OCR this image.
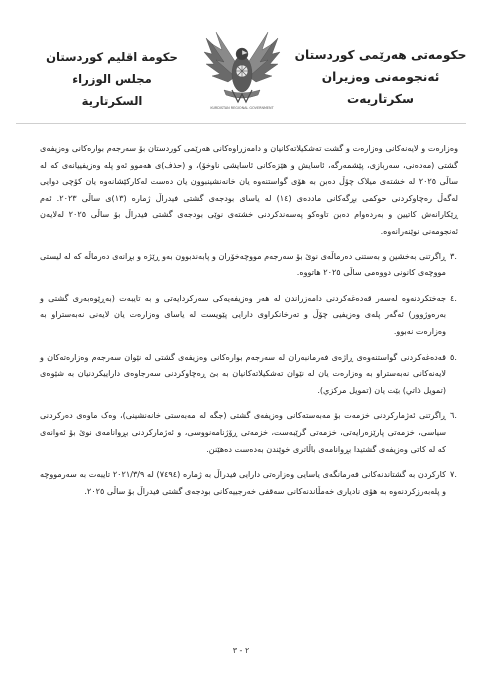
حکومەتی هەرێمی کوردستان
ئەنجومەنی وەزیران
سکرتاریەت
KURDISTAN REGIONAL GOVERNMENT
حكومة اقليم كوردستان
مجلس الوزراء
السكرتارية

وەزارەت و لایەنەکانی وەزارەت و گشت تەشکیلاتەکانیان و دامەزراوەکانی هەرێمی کوردستان بۆ سەرجەم بوارەکانی وەزیفەی گشتی (مەدەنی، سەربازی، پێشمەرگە، ئاسایش و هێزەکانی ئاسایشی ناوخۆ)، و (حذف)ی هەموو ئەو پلە وەزیفییانەی کە لە ساڵی ٢٠٢٥ لە خشتەی میلاک چۆڵ دەبن بە هۆی گواستنەوە یان خانەنشینبوون یان دەست لەکارکێشانەوە یان کۆچی دوایی لەگەڵ رەچاوکردنی حوکمی بڕگەکانی ماددەی (١٤) لە یاسای بودجەی گشتی فیدراڵ ژمارە (١٣)ی ساڵی ٢٠٢٣. ئەم ڕێکارانەش کاتیین و بەردەوام دەبن تاوەکو پەسەندکردنی خشتەی نوێی بودجەی گشتی فیدراڵ بۆ ساڵی ٢٠٢٥ لەلایەن ئەنجومەنی نوێنەرانەوە.

٣.

ڕاگرتنی بەخشین و بەستنی دەرماڵەی نوێ بۆ سەرجەم مووچەخۆران و پابەندبوون بەو ڕێژە و بڕانەی دەرماڵە کە لە لیستی مووچەی کانونی دووەمی ساڵی ٢٠٢٥ هاتووە.

٤.

جەختکردنەوە لەسەر قەدەغەکردنی دامەزراندن لە هەر وەزیفەیەکی سەرکردایەتی و بە تایبەت (بەڕێوەبەری گشتی و بەرەوژوور) ئەگەر پلەی وەزیفیی چۆڵ و تەرخانکراوی دارایی پێویست لە یاسای وەزارەت یان لایەنی نەبەستراو بە وەزارەت نەبوو.

٥.

قەدەغەکردنی گواستنەوەی ڕاژەی فەرمانبەران لە سەرجەم بوارەکانی وەزیفەی گشتی لە نێوان سەرجەم وەزارەتەکان و لایەنەکانی نەبەستراو بە وەزارەت یان لە نێوان تەشکیلاتەکانیان بە بێ ڕەچاوکردنی سەرجاوەی داراییکردنیان بە شێوەی (تمویل ذاتي) بێت یان (تمویل مرکزي).

٦.

ڕاگرتنی ئەژمارکردنی خزمەت بۆ مەبەستەکانی وەزیفەی گشتی (جگە لە مەبەستی خانەنشینی)، وەک ماوەی دەرکردنی سیاسی، خزمەتی پارێزەرایەتی، خزمەتی گرێبەست، خزمەتی ڕۆژنامەنووسی، و ئەژمارکردنی بڕوانامەی نوێ بۆ ئەوانەی کە لە کاتی وەزیفەی گشتیدا بڕوانامەی باڵاتری خوێندن بەدەست دەهێنن.

٧.

کارکردن بە گشتاندنەکانی فەرمانگەی یاسایی وەزارەتی دارایی فیدراڵ بە ژمارە (٧٤٩٤) لە ٢٠٢١/٣/٩ تایبەت بە سەرمووچە و پلەبەرزکردنەوە بە هۆی نادیاری خەمڵاندنەکانی سەقفی خەرجییەکانی بودجەی گشتی فیدراڵ بۆ ساڵی ٢٠٢٥.

٢ - ٣
